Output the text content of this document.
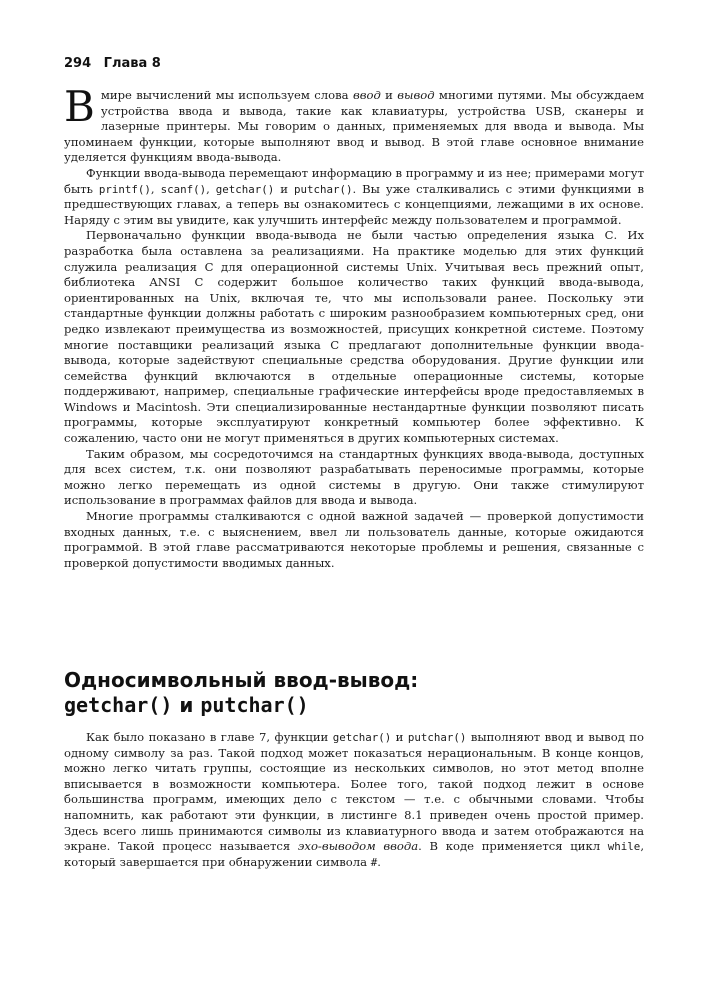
294 Глава 8

В мире вычислений мы используем слова ввод и вывод многими путями. Мы обсуждаем устройства ввода и вывода, такие как клавиатуры, устройства USB, сканеры и лазерные принтеры. Мы говорим о данных, применяемых для ввода и вывода. Мы упоминаем функции, которые выполняют ввод и вывод. В этой главе основное внимание уделяется функциям ввода-вывода.

Функции ввода-вывода перемещают информацию в программу и из нее; примерами могут быть printf(), scanf(), getchar() и putchar(). Вы уже сталкивались с этими функциями в предшествующих главах, а теперь вы ознакомитесь с концепциями, лежащими в их основе. Наряду с этим вы увидите, как улучшить интерфейс между пользователем и программой.

Первоначально функции ввода-вывода не были частью определения языка С. Их разработка была оставлена за реализациями. На практике моделью для этих функций служила реализация С для операционной системы Unix. Учитывая весь прежний опыт, библиотека ANSI С содержит большое количество таких функций ввода-вывода, ориентированных на Unix, включая те, что мы использовали ранее. Поскольку эти стандартные функции должны работать с широким разнообразием компьютерных сред, они редко извлекают преимущества из возможностей, присущих конкретной системе. Поэтому многие поставщики реализаций языка С предлагают дополнительные функции ввода-вывода, которые задействуют специальные средства оборудования. Другие функции или семейства функций включаются в отдельные операционные системы, которые поддерживают, например, специальные графические интерфейсы вроде предоставляемых в Windows и Macintosh. Эти специализированные нестандартные функции позволяют писать программы, которые эксплуатируют конкретный компьютер более эффективно. К сожалению, часто они не могут применяться в других компьютерных системах.

Таким образом, мы сосредоточимся на стандартных функциях ввода-вывода, доступных для всех систем, т.к. они позволяют разрабатывать переносимые программы, которые можно легко перемещать из одной системы в другую. Они также стимулируют использование в программах файлов для ввода и вывода.

Многие программы сталкиваются с одной важной задачей — проверкой допустимости входных данных, т.е. с выяснением, ввел ли пользователь данные, которые ожидаются программой. В этой главе рассматриваются некоторые проблемы и решения, связанные с проверкой допустимости вводимых данных.

Односимвольный ввод-вывод:
getchar() и putchar()

Как было показано в главе 7, функции getchar() и putchar() выполняют ввод и вывод по одному символу за раз. Такой подход может показаться нерациональным. В конце концов, можно легко читать группы, состоящие из нескольких символов, но этот метод вполне вписывается в возможности компьютера. Более того, такой подход лежит в основе большинства программ, имеющих дело с текстом — т.е. с обычными словами. Чтобы напомнить, как работают эти функции, в листинге 8.1 приведен очень простой пример. Здесь всего лишь принимаются символы из клавиатурного ввода и затем отображаются на экране. Такой процесс называется эхо-выводом ввода. В коде применяется цикл while, который завершается при обнаружении символа #.
